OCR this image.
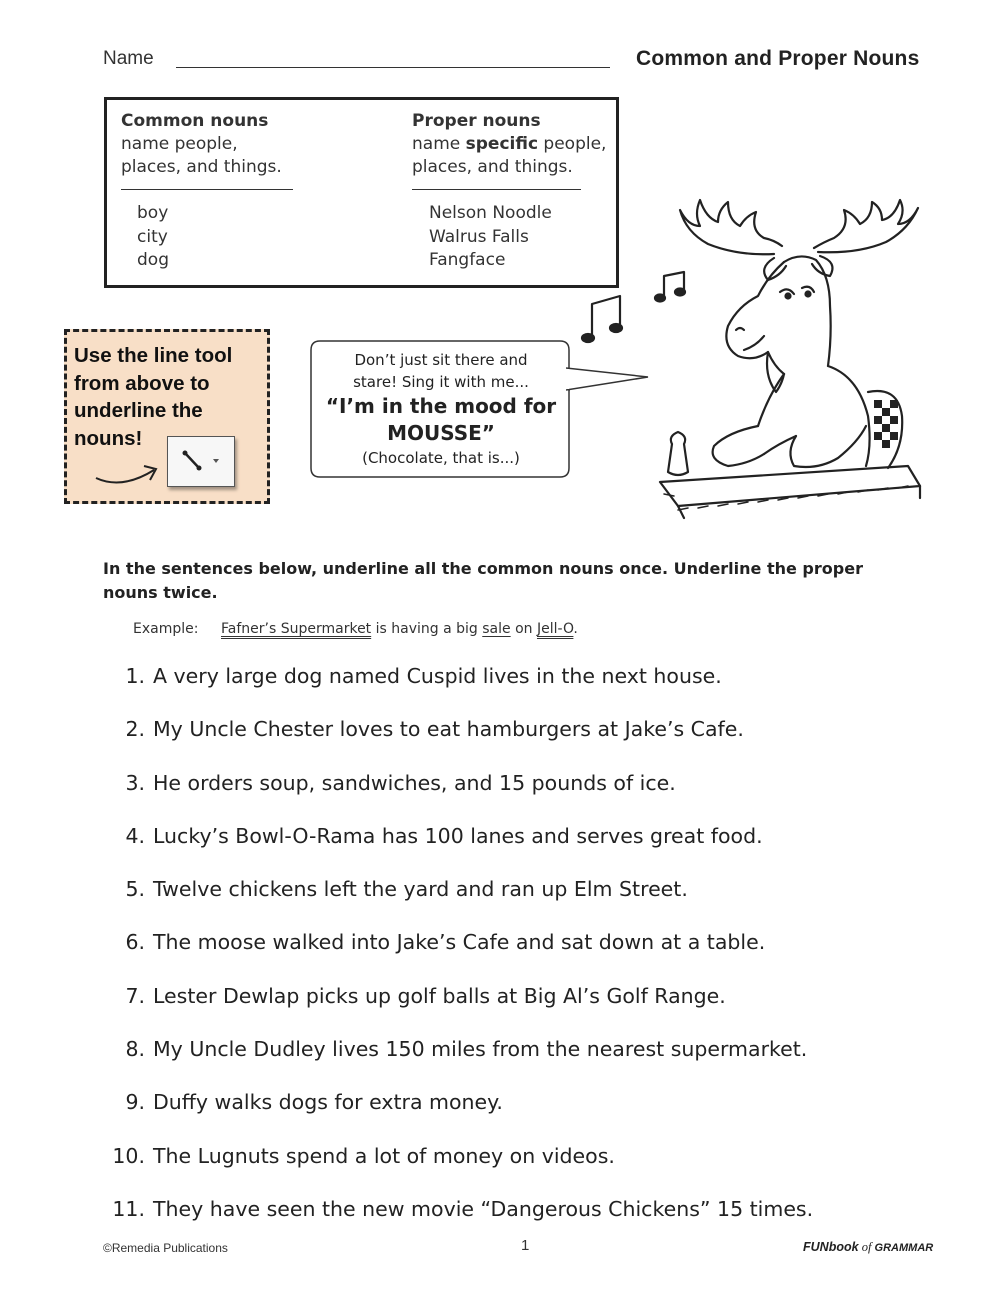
Name	Common and Proper Nouns
Common nouns
name people,
places, and things.
boy
city
dog
Proper nouns
name specific people,
places, and things.
Nelson Noodle
Walrus Falls
Fangface
Use the line tool
from above to
underline the
nouns!
Don’t just sit there and
stare! Sing it with me...
“I’m in the mood for
MOUSSE”
(Chocolate, that is...)
In the sentences below, underline all the common nouns once. Underline the proper nouns twice.
Example: Fafner’s Supermarket is having a big sale on Jell-O.
1. A very large dog named Cuspid lives in the next house.
2. My Uncle Chester loves to eat hamburgers at Jake’s Cafe.
3. He orders soup, sandwiches, and 15 pounds of ice.
4. Lucky’s Bowl-O-Rama has 100 lanes and serves great food.
5. Twelve chickens left the yard and ran up Elm Street.
6. The moose walked into Jake’s Cafe and sat down at a table.
7. Lester Dewlap picks up golf balls at Big Al’s Golf Range.
8. My Uncle Dudley lives 150 miles from the nearest supermarket.
9. Duffy walks dogs for extra money.
10. The Lugnuts spend a lot of money on videos.
11. They have seen the new movie “Dangerous Chickens” 15 times.
©Remedia Publications	1	FUNbook of GRAMMAR
